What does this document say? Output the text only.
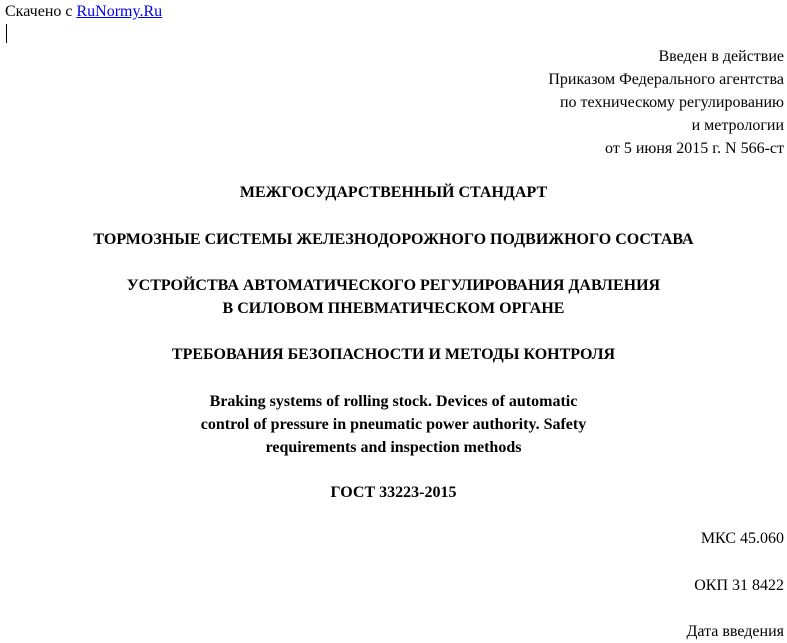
Скачено с RuNormy.Ru
Введен в действие
Приказом Федерального агентства
по техническому регулированию
и метрологии
от 5 июня 2015 г. N 566-ст
МЕЖГОСУДАРСТВЕННЫЙ СТАНДАРТ
ТОРМОЗНЫЕ СИСТЕМЫ ЖЕЛЕЗНОДОРОЖНОГО ПОДВИЖНОГО СОСТАВА
УСТРОЙСТВА АВТОМАТИЧЕСКОГО РЕГУЛИРОВАНИЯ ДАВЛЕНИЯ
В СИЛОВОМ ПНЕВМАТИЧЕСКОМ ОРГАНЕ
ТРЕБОВАНИЯ БЕЗОПАСНОСТИ И МЕТОДЫ КОНТРОЛЯ
Braking systems of rolling stock. Devices of automatic
control of pressure in pneumatic power authority. Safety
requirements and inspection methods
ГОСТ 33223-2015
МКС 45.060
ОКП 31 8422
Дата введения
